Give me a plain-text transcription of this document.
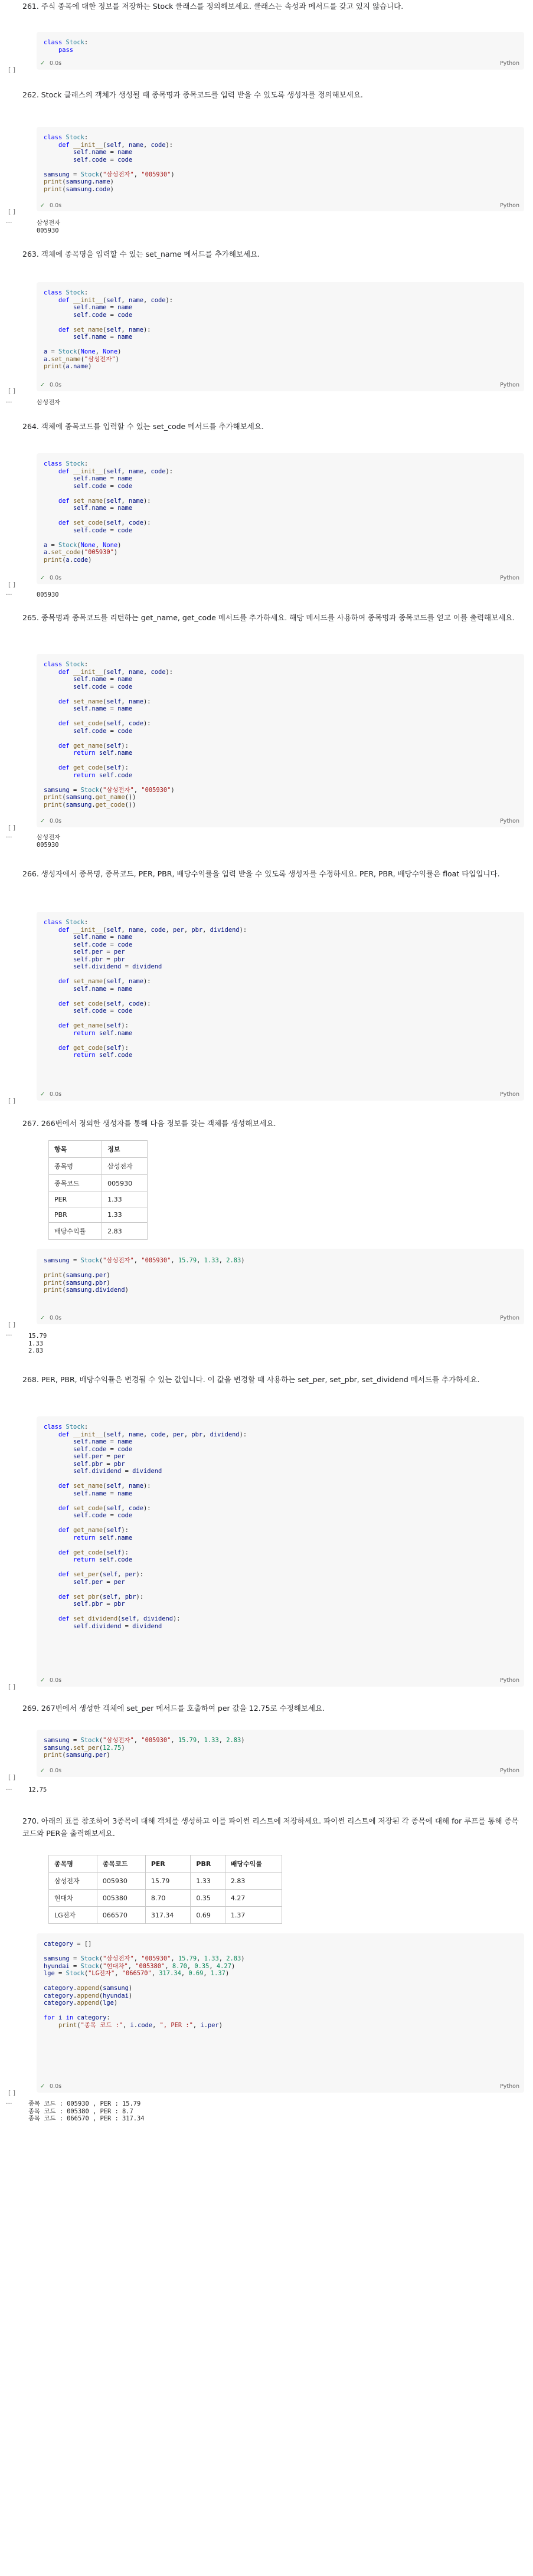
261. 주식 종목에 대한 정보를 저장하는 Stock 클래스를 정의해보세요. 클래스는 속성과 메서드를 갖고 있지 않습니다.
class Stock:
pass
✓ 0.0s	Python
[ ]
262. Stock 클래스의 객체가 생성될 때 종목명과 종목코드를 입력 받을 수 있도록 생성자를 정의해보세요.
class Stock:
def __init__(self, name, code):
self.name = name
self.code = code

samsung = Stock("삼성전자", "005930")
print(samsung.name)
print(samsung.code)
✓ 0.0s	Python
[ ]
···	삼성전자
005930
263. 객체에 종목명을 입력할 수 있는 set_name 메서드를 추가해보세요.
class Stock:
def __init__(self, name, code):
self.name = name
self.code = code

def set_name(self, name):
self.name = name

a = Stock(None, None)
a.set_name("삼성전자")
print(a.name)
✓ 0.0s	Python
[ ]
···	삼성전자
264. 객체에 종목코드를 입력할 수 있는 set_code 메서드를 추가해보세요.
class Stock:
def __init__(self, name, code):
self.name = name
self.code = code

def set_name(self, name):
self.name = name

def set_code(self, code):
self.code = code

a = Stock(None, None)
a.set_code("005930")
print(a.code)
✓ 0.0s	Python
[ ]
···	005930
265. 종목명과 종목코드를 리턴하는 get_name, get_code 메서드를 추가하세요. 해당 메서드를 사용하여 종목명과 종목코드를 얻고 이를 출력해보세요.
class Stock:
def __init__(self, name, code):
self.name = name
self.code = code

def set_name(self, name):
self.name = name

def set_code(self, code):
self.code = code

def get_name(self):
return self.name

def get_code(self):
return self.code

samsung = Stock("삼성전자", "005930")
print(samsung.get_name())
print(samsung.get_code())
✓ 0.0s	Python
[ ]
···	삼성전자
005930
266. 생성자에서 종목명, 종목코드, PER, PBR, 배당수익률을 입력 받을 수 있도록 생성자를 수정하세요. PER, PBR, 배당수익률은 float 타입입니다.
class Stock:
def __init__(self, name, code, per, pbr, dividend):
self.name = name
self.code = code
self.per = per
self.pbr = pbr
self.dividend = dividend

def set_name(self, name):
self.name = name

def set_code(self, code):
self.code = code

def get_name(self):
return self.name

def get_code(self):
return self.code
✓ 0.0s	Python
[ ]
267. 266번에서 정의한 생성자를 통해 다음 정보를 갖는 객체를 생성해보세요.
항목	정보
종목명	삼성전자
종목코드	005930
PER	1.33
PBR	1.33
배당수익률	2.83
samsung = Stock("삼성전자", "005930", 15.79, 1.33, 2.83)

print(samsung.per)
print(samsung.pbr)
print(samsung.dividend)
✓ 0.0s	Python
[ ]
···	15.79
1.33
2.83
268. PER, PBR, 배당수익률은 변경될 수 있는 값입니다. 이 값을 변경할 때 사용하는 set_per, set_pbr, set_dividend 메서드를 추가하세요.
class Stock:
def __init__(self, name, code, per, pbr, dividend):
self.name = name
self.code = code
self.per = per
self.pbr = pbr
self.dividend = dividend

def set_name(self, name):
self.name = name

def set_code(self, code):
self.code = code

def get_name(self):
return self.name

def get_code(self):
return self.code

def set_per(self, per):
self.per = per

def set_pbr(self, pbr):
self.pbr = pbr

def set_dividend(self, dividend):
self.dividend = dividend
✓ 0.0s	Python
[ ]
269. 267번에서 생성한 객체에 set_per 메서드를 호출하여 per 값을 12.75로 수정해보세요.
samsung = Stock("삼성전자", "005930", 15.79, 1.33, 2.83)
samsung.set_per(12.75)
print(samsung.per)
✓ 0.0s	Python
[ ]
···	12.75
270. 아래의 표를 참조하여 3종목에 대해 객체를 생성하고 이를 파이썬 리스트에 저장하세요. 파이썬 리스트에 저장된 각 종목에 대해 for 루프를 통해 종목코드와 PER을 출력해보세요.
종목명	종목코드	PER	PBR	배당수익률
삼성전자	005930	15.79	1.33	2.83
현대차	005380	8.70	0.35	4.27
LG전자	066570	317.34	0.69	1.37
category = []

samsung = Stock("삼성전자", "005930", 15.79, 1.33, 2.83)
hyundai = Stock("현대차", "005380", 8.70, 0.35, 4.27)
lge = Stock("LG전자", "066570", 317.34, 0.69, 1.37)

category.append(samsung)
category.append(hyundai)
category.append(lge)

for i in category:
print("종목 코드 :", i.code, ", PER :", i.per)
✓ 0.0s	Python
[ ]
···	종목 코드 : 005930 , PER : 15.79
종목 코드 : 005380 , PER : 8.7
종목 코드 : 066570 , PER : 317.34
